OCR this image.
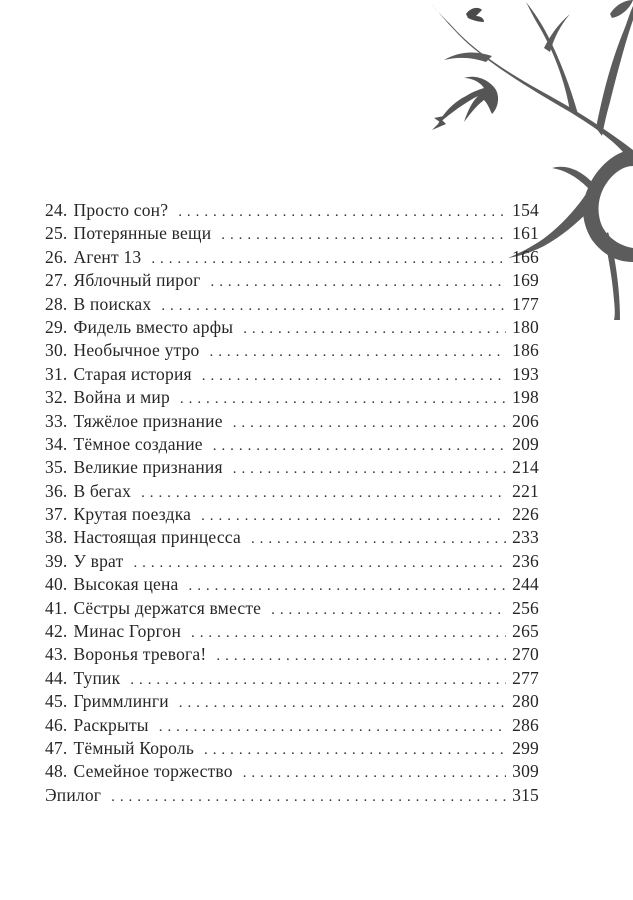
24. Просто сон? . . .	154
25. Потерянные вещи . . .	161
26. Агент 13 . . .	166
27. Яблочный пирог . . .	169
28. В поисках . . .	177
29. Фидель вместо арфы . . .	180
30. Необычное утро . . .	186
31. Старая история . . .	193
32. Война и мир . . .	198
33. Тяжёлое признание . . .	206
34. Тёмное создание . . .	209
35. Великие признания . . .	214
36. В бегах . . .	221
37. Крутая поездка . . .	226
38. Настоящая принцесса . . .	233
39. У врат . . .	236
40. Высокая цена . . .	244
41. Сёстры держатся вместе . . .	256
42. Минас Горгон . . .	265
43. Воронья тревога! . . .	270
44. Тупик . . .	277
45. Гриммлинги . . .	280
46. Раскрыты . . .	286
47. Тёмный Король . . .	299
48. Семейное торжество . . .	309
Эпилог . . .	315
